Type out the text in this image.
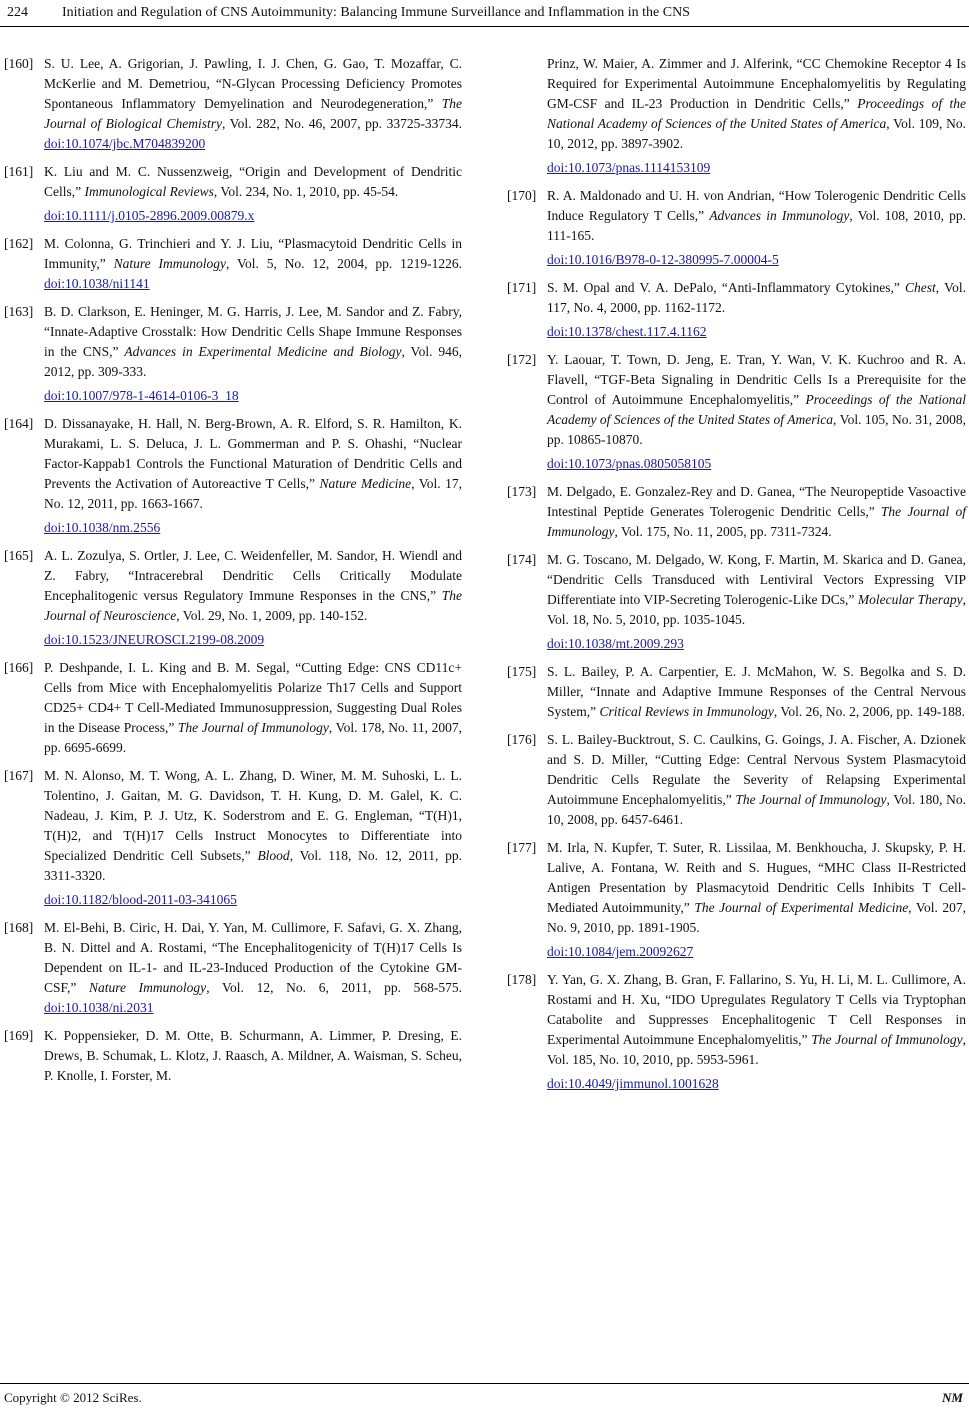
224 Initiation and Regulation of CNS Autoimmunity: Balancing Immune Surveillance and Inflammation in the CNS
[160] S. U. Lee, A. Grigorian, J. Pawling, I. J. Chen, G. Gao, T. Mozaffar, C. McKerlie and M. Demetriou, “N-Glycan Processing Deficiency Promotes Spontaneous Inflammatory Demyelination and Neurodegeneration,” The Journal of Biological Chemistry, Vol. 282, No. 46, 2007, pp. 33725-33734. doi:10.1074/jbc.M704839200
[161] K. Liu and M. C. Nussenzweig, “Origin and Development of Dendritic Cells,” Immunological Reviews, Vol. 234, No. 1, 2010, pp. 45-54.
doi:10.1111/j.0105-2896.2009.00879.x
[162] M. Colonna, G. Trinchieri and Y. J. Liu, “Plasmacytoid Dendritic Cells in Immunity,” Nature Immunology, Vol. 5, No. 12, 2004, pp. 1219-1226. doi:10.1038/ni1141
[163] B. D. Clarkson, E. Heninger, M. G. Harris, J. Lee, M. Sandor and Z. Fabry, “Innate-Adaptive Crosstalk: How Dendritic Cells Shape Immune Responses in the CNS,” Advances in Experimental Medicine and Biology, Vol. 946, 2012, pp. 309-333.
doi:10.1007/978-1-4614-0106-3_18
[164] D. Dissanayake, H. Hall, N. Berg-Brown, A. R. Elford, S. R. Hamilton, K. Murakami, L. S. Deluca, J. L. Gommerman and P. S. Ohashi, “Nuclear Factor-Kappab1 Controls the Functional Maturation of Dendritic Cells and Prevents the Activation of Autoreactive T Cells,” Nature Medicine, Vol. 17, No. 12, 2011, pp. 1663-1667.
doi:10.1038/nm.2556
[165] A. L. Zozulya, S. Ortler, J. Lee, C. Weidenfeller, M. Sandor, H. Wiendl and Z. Fabry, “Intracerebral Dendritic Cells Critically Modulate Encephalitogenic versus Regulatory Immune Responses in the CNS,” The Journal of Neuroscience, Vol. 29, No. 1, 2009, pp. 140-152.
doi:10.1523/JNEUROSCI.2199-08.2009
[166] P. Deshpande, I. L. King and B. M. Segal, “Cutting Edge: CNS CD11c+ Cells from Mice with Encephalomyelitis Polarize Th17 Cells and Support CD25+ CD4+ T Cell-Mediated Immunosuppression, Suggesting Dual Roles in the Disease Process,” The Journal of Immunology, Vol. 178, No. 11, 2007, pp. 6695-6699.
[167] M. N. Alonso, M. T. Wong, A. L. Zhang, D. Winer, M. M. Suhoski, L. L. Tolentino, J. Gaitan, M. G. Davidson, T. H. Kung, D. M. Galel, K. C. Nadeau, J. Kim, P. J. Utz, K. Soderstrom and E. G. Engleman, “T(H)1, T(H)2, and T(H)17 Cells Instruct Monocytes to Differentiate into Specialized Dendritic Cell Subsets,” Blood, Vol. 118, No. 12, 2011, pp. 3311-3320.
doi:10.1182/blood-2011-03-341065
[168] M. El-Behi, B. Ciric, H. Dai, Y. Yan, M. Cullimore, F. Safavi, G. X. Zhang, B. N. Dittel and A. Rostami, “The Encephalitogenicity of T(H)17 Cells Is Dependent on IL-1- and IL-23-Induced Production of the Cytokine GM-CSF,” Nature Immunology, Vol. 12, No. 6, 2011, pp. 568-575. doi:10.1038/ni.2031
[169] K. Poppensieker, D. M. Otte, B. Schurmann, A. Limmer, P. Dresing, E. Drews, B. Schumak, L. Klotz, J. Raasch, A. Mildner, A. Waisman, S. Scheu, P. Knolle, I. Forster, M.
Prinz, W. Maier, A. Zimmer and J. Alferink, “CC Chemokine Receptor 4 Is Required for Experimental Autoimmune Encephalomyelitis by Regulating GM-CSF and IL-23 Production in Dendritic Cells,” Proceedings of the National Academy of Sciences of the United States of America, Vol. 109, No. 10, 2012, pp. 3897-3902.
doi:10.1073/pnas.1114153109
[170] R. A. Maldonado and U. H. von Andrian, “How Tolerogenic Dendritic Cells Induce Regulatory T Cells,” Advances in Immunology, Vol. 108, 2010, pp. 111-165.
doi:10.1016/B978-0-12-380995-7.00004-5
[171] S. M. Opal and V. A. DePalo, “Anti-Inflammatory Cytokines,” Chest, Vol. 117, No. 4, 2000, pp. 1162-1172.
doi:10.1378/chest.117.4.1162
[172] Y. Laouar, T. Town, D. Jeng, E. Tran, Y. Wan, V. K. Kuchroo and R. A. Flavell, “TGF-Beta Signaling in Dendritic Cells Is a Prerequisite for the Control of Autoimmune Encephalomyelitis,” Proceedings of the National Academy of Sciences of the United States of America, Vol. 105, No. 31, 2008, pp. 10865-10870.
doi:10.1073/pnas.0805058105
[173] M. Delgado, E. Gonzalez-Rey and D. Ganea, “The Neuropeptide Vasoactive Intestinal Peptide Generates Tolerogenic Dendritic Cells,” The Journal of Immunology, Vol. 175, No. 11, 2005, pp. 7311-7324.
[174] M. G. Toscano, M. Delgado, W. Kong, F. Martin, M. Skarica and D. Ganea, “Dendritic Cells Transduced with Lentiviral Vectors Expressing VIP Differentiate into VIP-Secreting Tolerogenic-Like DCs,” Molecular Therapy, Vol. 18, No. 5, 2010, pp. 1035-1045.
doi:10.1038/mt.2009.293
[175] S. L. Bailey, P. A. Carpentier, E. J. McMahon, W. S. Begolka and S. D. Miller, “Innate and Adaptive Immune Responses of the Central Nervous System,” Critical Reviews in Immunology, Vol. 26, No. 2, 2006, pp. 149-188.
[176] S. L. Bailey-Bucktrout, S. C. Caulkins, G. Goings, J. A. Fischer, A. Dzionek and S. D. Miller, “Cutting Edge: Central Nervous System Plasmacytoid Dendritic Cells Regulate the Severity of Relapsing Experimental Autoimmune Encephalomyelitis,” The Journal of Immunology, Vol. 180, No. 10, 2008, pp. 6457-6461.
[177] M. Irla, N. Kupfer, T. Suter, R. Lissilaa, M. Benkhoucha, J. Skupsky, P. H. Lalive, A. Fontana, W. Reith and S. Hugues, “MHC Class II-Restricted Antigen Presentation by Plasmacytoid Dendritic Cells Inhibits T Cell-Mediated Autoimmunity,” The Journal of Experimental Medicine, Vol. 207, No. 9, 2010, pp. 1891-1905.
doi:10.1084/jem.20092627
[178] Y. Yan, G. X. Zhang, B. Gran, F. Fallarino, S. Yu, H. Li, M. L. Cullimore, A. Rostami and H. Xu, “IDO Upregulates Regulatory T Cells via Tryptophan Catabolite and Suppresses Encephalitogenic T Cell Responses in Experimental Autoimmune Encephalomyelitis,” The Journal of Immunology, Vol. 185, No. 10, 2010, pp. 5953-5961.
doi:10.4049/jimmunol.1001628
Copyright © 2012 SciRes.	NM
